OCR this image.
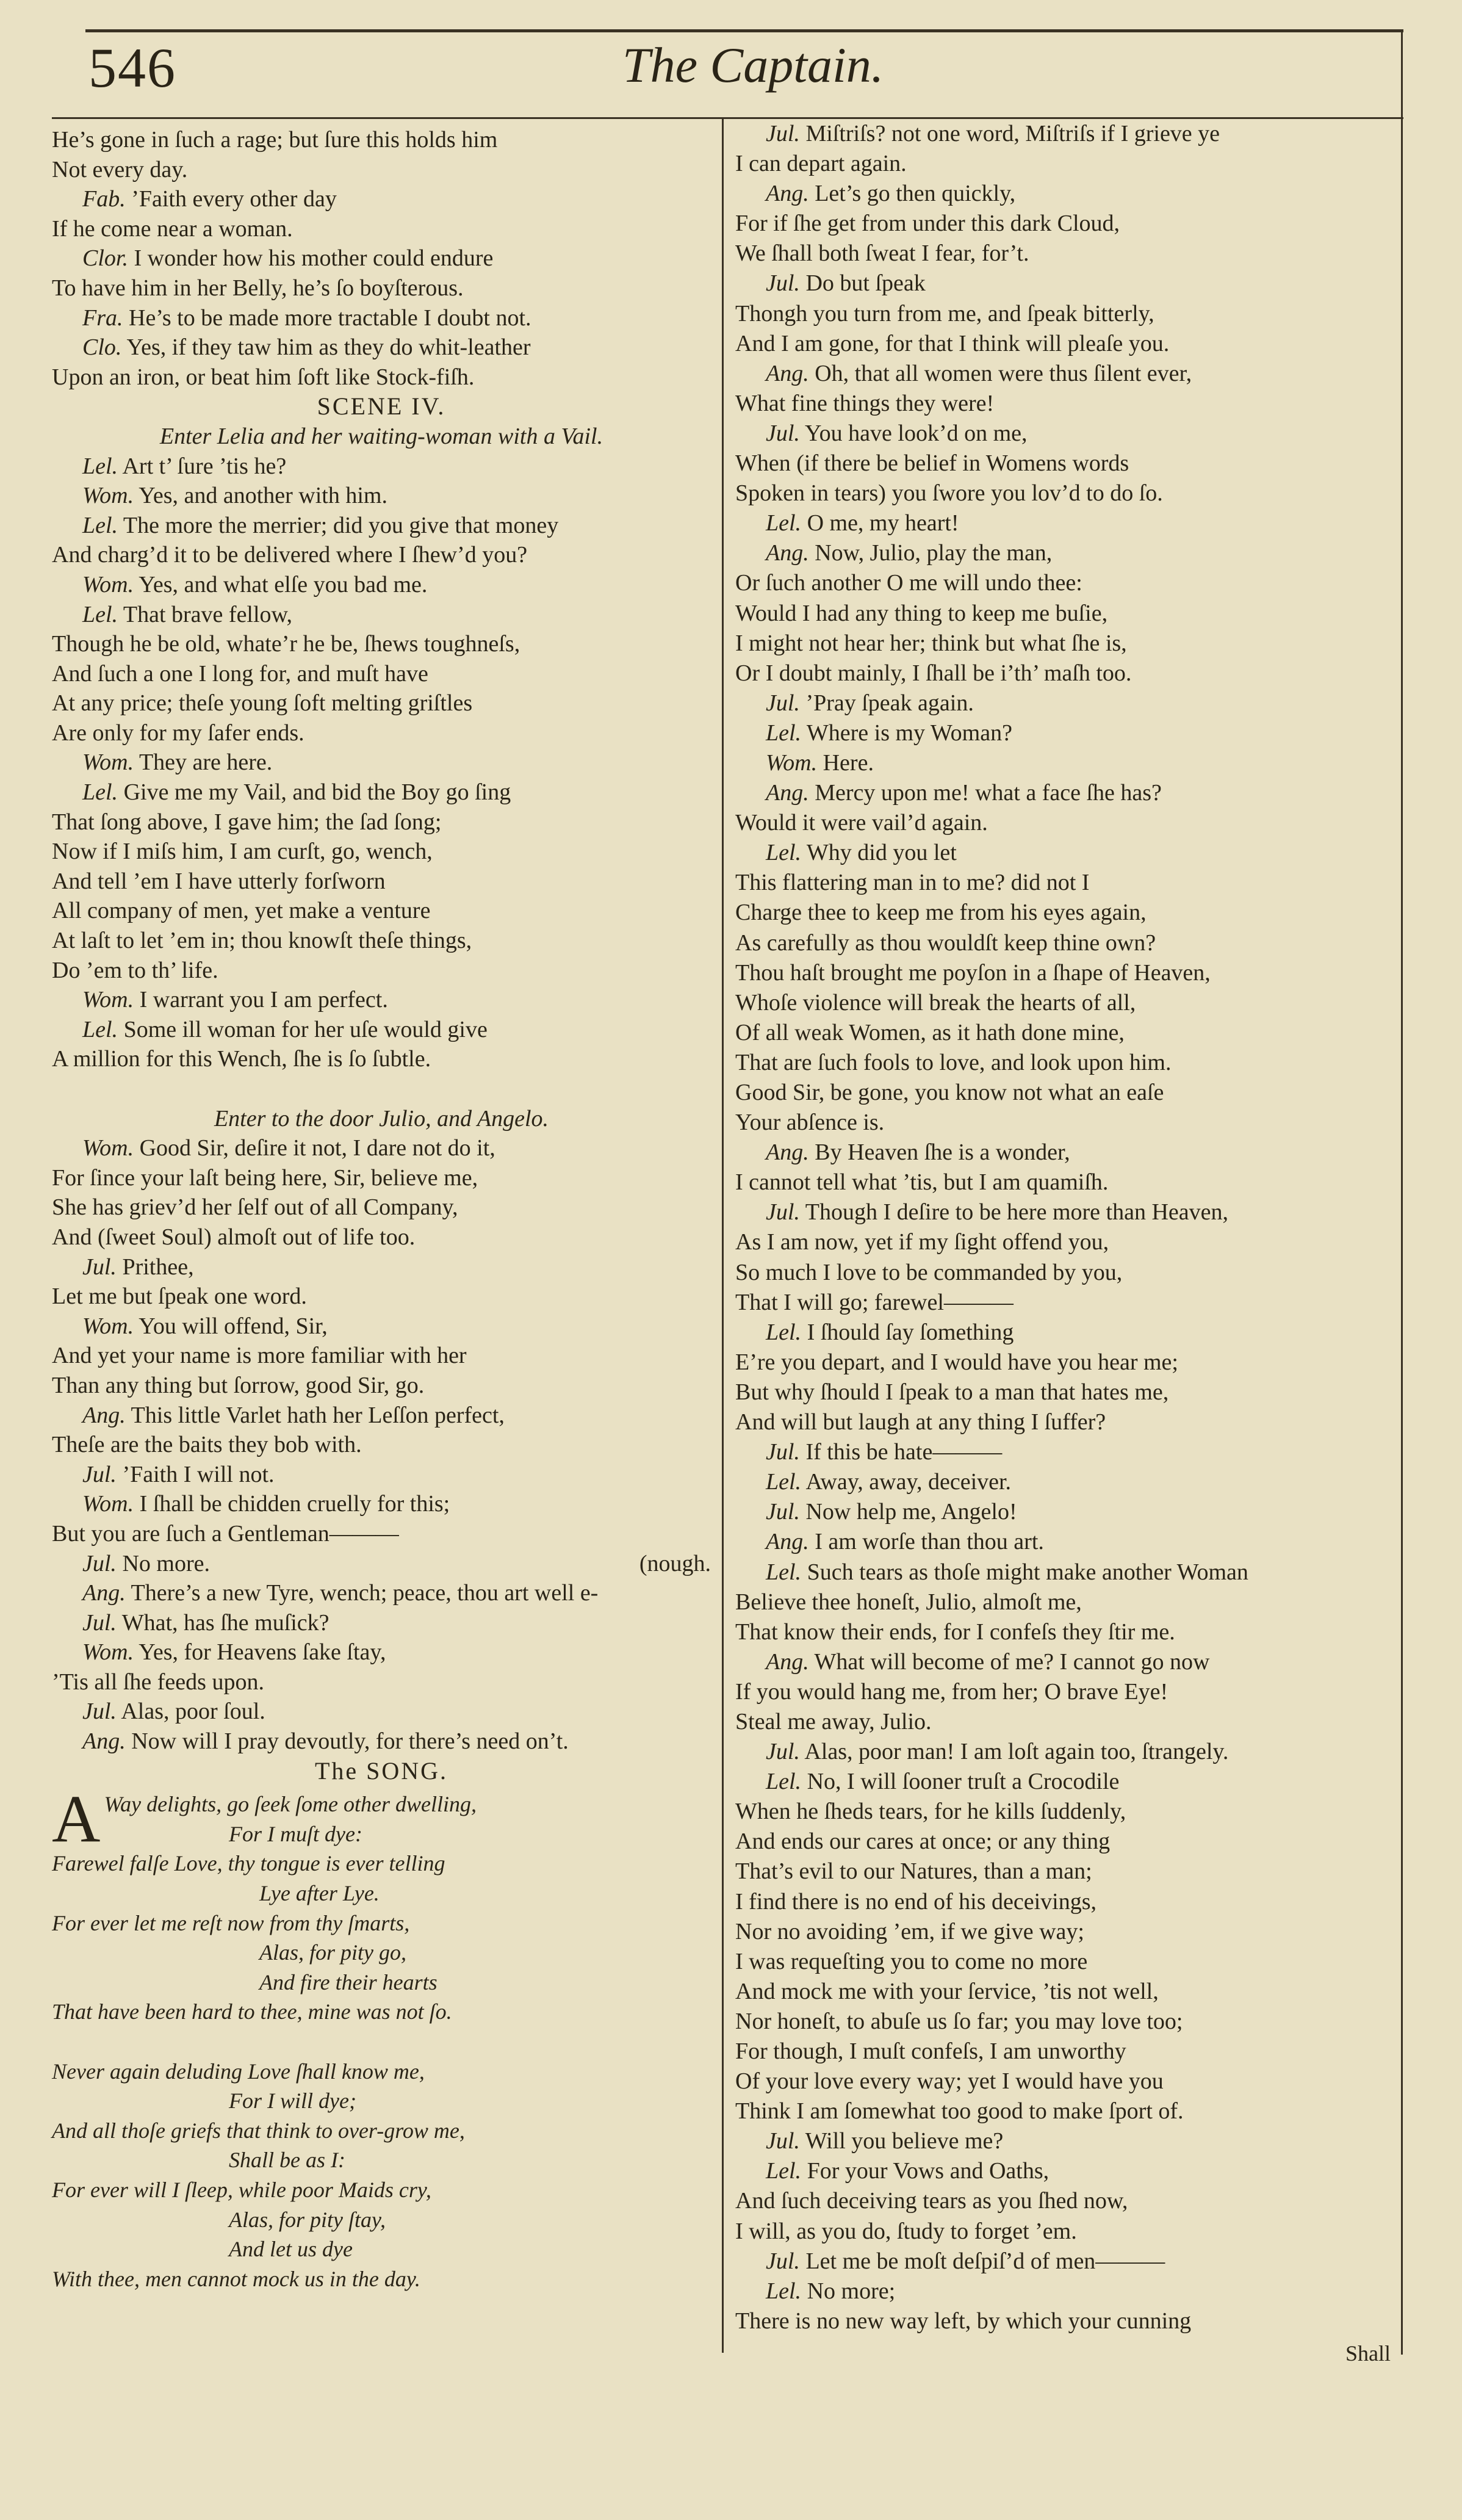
546	The Captain.
He’s gone in ſuch a rage; but ſure this holds him
Not every day.
Fab. ’Faith every other day
If he come near a woman.
Clor. I wonder how his mother could endure
To have him in her Belly, he’s ſo boyſterous.
Fra. He’s to be made more tractable I doubt not.
Clo. Yes, if they taw him as they do whit-leather
Upon an iron, or beat him ſoft like Stock-fiſh.
SCENE IV.
Enter Lelia and her waiting-woman with a Vail.
Lel. Art t’ ſure ’tis he?
Wom. Yes, and another with him.
Lel. The more the merrier; did you give that money
And charg’d it to be delivered where I ſhew’d you?
Wom. Yes, and what elſe you bad me.
Lel. That brave fellow,
Though he be old, whate’r he be, ſhews toughneſs,
And ſuch a one I long for, and muſt have
At any price; theſe young ſoft melting griſtles
Are only for my ſafer ends.
Wom. They are here.
Lel. Give me my Vail, and bid the Boy go ſing
That ſong above, I gave him; the ſad ſong;
Now if I miſs him, I am curſt, go, wench,
And tell ’em I have utterly forſworn
All company of men, yet make a venture
At laſt to let ’em in; thou knowſt theſe things,
Do ’em to th’ life.
Wom. I warrant you I am perfect.
Lel. Some ill woman for her uſe would give
A million for this Wench, ſhe is ſo ſubtle.
Enter to the door Julio, and Angelo.
Wom. Good Sir, deſire it not, I dare not do it,
For ſince your laſt being here, Sir, believe me,
She has griev’d her ſelf out of all Company,
And (ſweet Soul) almoſt out of life too.
Jul. Prithee,
Let me but ſpeak one word.
Wom. You will offend, Sir,
And yet your name is more familiar with her
Than any thing but ſorrow, good Sir, go.
Ang. This little Varlet hath her Leſſon perfect,
Theſe are the baits they bob with.
Jul. ’Faith I will not.
Wom. I ſhall be chidden cruelly for this;
But you are ſuch a Gentleman———
Jul. No more.	(nough.
Ang. There’s a new Tyre, wench; peace, thou art well e-
Jul. What, has ſhe muſick?
Wom. Yes, for Heavens ſake ſtay,
’Tis all ſhe feeds upon.
Jul. Alas, poor ſoul.
Ang. Now will I pray devoutly, for there’s need on’t.
The SONG.
A Way delights, go ſeek ſome other dwelling,
For I muſt dye:
Farewel falſe Love, thy tongue is ever telling
Lye after Lye.
For ever let me reſt now from thy ſmarts,
Alas, for pity go,
And fire their hearts
That have been hard to thee, mine was not ſo.
Never again deluding Love ſhall know me,
For I will dye;
And all thoſe griefs that think to over-grow me,
Shall be as I:
For ever will I ſleep, while poor Maids cry,
Alas, for pity ſtay,
And let us dye
With thee, men cannot mock us in the day.
Jul. Miſtriſs? not one word, Miſtriſs if I grieve ye
I can depart again.
Ang. Let’s go then quickly,
For if ſhe get from under this dark Cloud,
We ſhall both ſweat I fear, for’t.
Jul. Do but ſpeak
Thongh you turn from me, and ſpeak bitterly,
And I am gone, for that I think will pleaſe you.
Ang. Oh, that all women were thus ſilent ever,
What fine things they were!
Jul. You have look’d on me,
When (if there be belief in Womens words
Spoken in tears) you ſwore you lov’d to do ſo.
Lel. O me, my heart!
Ang. Now, Julio, play the man,
Or ſuch another O me will undo thee:
Would I had any thing to keep me buſie,
I might not hear her; think but what ſhe is,
Or I doubt mainly, I ſhall be i’th’ maſh too.
Jul. ’Pray ſpeak again.
Lel. Where is my Woman?
Wom. Here.
Ang. Mercy upon me! what a face ſhe has?
Would it were vail’d again.
Lel. Why did you let
This flattering man in to me? did not I
Charge thee to keep me from his eyes again,
As carefully as thou wouldſt keep thine own?
Thou haſt brought me poyſon in a ſhape of Heaven,
Whoſe violence will break the hearts of all,
Of all weak Women, as it hath done mine,
That are ſuch fools to love, and look upon him.
Good Sir, be gone, you know not what an eaſe
Your abſence is.
Ang. By Heaven ſhe is a wonder,
I cannot tell what ’tis, but I am quamiſh.
Jul. Though I deſire to be here more than Heaven,
As I am now, yet if my ſight offend you,
So much I love to be commanded by you,
That I will go; farewel———
Lel. I ſhould ſay ſomething
E’re you depart, and I would have you hear me;
But why ſhould I ſpeak to a man that hates me,
And will but laugh at any thing I ſuffer?
Jul. If this be hate———
Lel. Away, away, deceiver.
Jul. Now help me, Angelo!
Ang. I am worſe than thou art.
Lel. Such tears as thoſe might make another Woman
Believe thee honeſt, Julio, almoſt me,
That know their ends, for I confeſs they ſtir me.
Ang. What will become of me? I cannot go now
If you would hang me, from her; O brave Eye!
Steal me away, Julio.
Jul. Alas, poor man! I am loſt again too, ſtrangely.
Lel. No, I will ſooner truſt a Crocodile
When he ſheds tears, for he kills ſuddenly,
And ends our cares at once; or any thing
That’s evil to our Natures, than a man;
I find there is no end of his deceivings,
Nor no avoiding ’em, if we give way;
I was requeſting you to come no more
And mock me with your ſervice, ’tis not well,
Nor honeſt, to abuſe us ſo far; you may love too;
For though, I muſt confeſs, I am unworthy
Of your love every way; yet I would have you
Think I am ſomewhat too good to make ſport of.
Jul. Will you believe me?
Lel. For your Vows and Oaths,
And ſuch deceiving tears as you ſhed now,
I will, as you do, ſtudy to forget ’em.
Jul. Let me be moſt deſpiſ’d of men———
Lel. No more;
There is no new way left, by which your cunning
Shall
